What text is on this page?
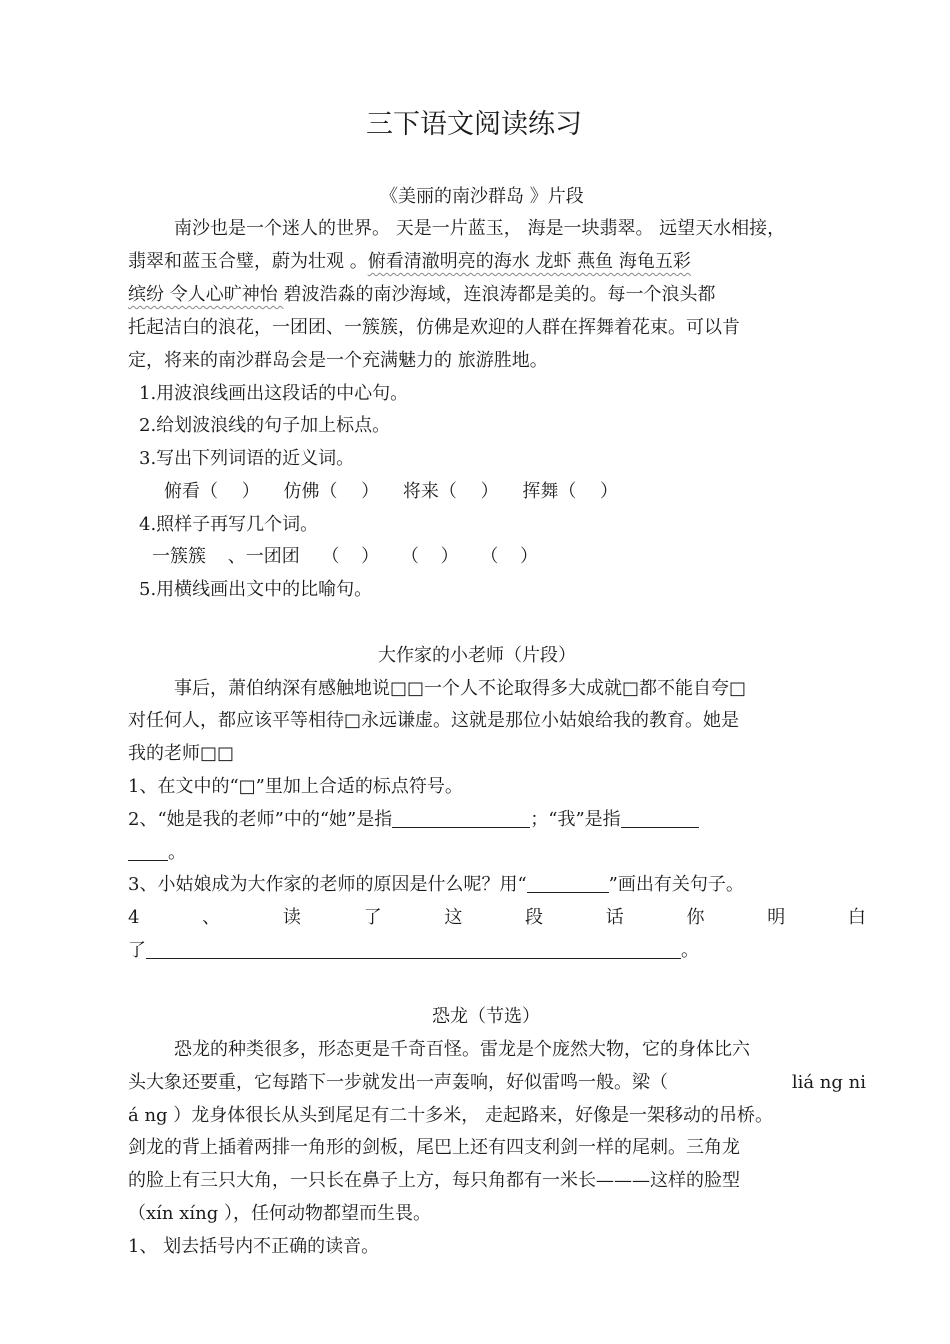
三下语文阅读练习
《美丽的南沙群岛 》片段
南沙也是一个迷人的世界。 天是一片蓝玉， 海是一块翡翠。 远望天水相接，
翡翠和蓝玉合璧，蔚为壮观 。俯看清澈明亮的海水 龙虾 燕鱼 海龟五彩
缤纷 令人心旷神怡 碧波浩淼的南沙海域，连浪涛都是美的。每一个浪头都
托起洁白的浪花，一团团、一簇簇，仿佛是欢迎的人群在挥舞着花束。可以肯
定，将来的南沙群岛会是一个充满魅力的 旅游胜地。
1.用波浪线画出这段话的中心句。
2.给划波浪线的句子加上标点。
3.写出下列词语的近义词。
俯看（ ） 仿佛（ ） 将来（ ） 挥舞（ ）
4.照样子再写几个词。
一簇簇 、一团团 （ ） （ ） （ ）
5.用横线画出文中的比喻句。
大作家的小老师（片段）
事后，萧伯纳深有感触地说□□一个人不论取得多大成就□都不能自夸□
对任何人，都应该平等相待□永远谦虚。这就是那位小姑娘给我的教育。她是
我的老师□□
1、在文中的“□”里加上合适的标点符号。
2、“她是我的老师”中的“她”是指	；“我”是指
。
3、小姑娘成为大作家的老师的原因是什么呢？用“	”画出有关句子。
4	、	读	了	这	段	话	你	明	白
了	。
恐龙（节选）
恐龙的种类很多，形态更是千奇百怪。雷龙是个庞然大物，它的身体比六
头大象还要重，它每踏下一步就发出一声轰响，好似雷鸣一般。梁（	liá ng ni
á ng ）龙身体很长从头到尾足有二十多米， 走起路来，好像是一架移动的吊桥。
剑龙的背上插着两排一角形的剑板，尾巴上还有四支利剑一样的尾刺。三角龙
的脸上有三只大角，一只长在鼻子上方，每只角都有一米长———这样的脸型
（xín xíng ），任何动物都望而生畏。
1、 划去括号内不正确的读音。
